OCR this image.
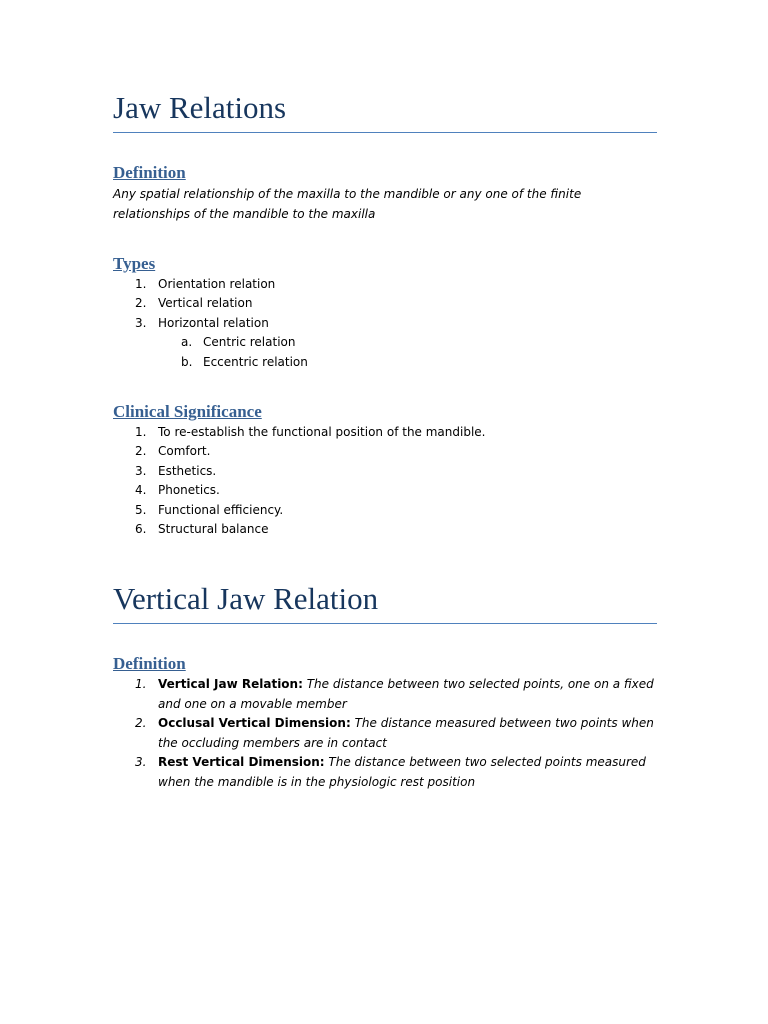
Jaw Relations
Definition

Any spatial relationship of the maxilla to the mandible or any one of the finite relationships of the mandible to the maxilla

Types
1. Orientation relation
2. Vertical relation
3. Horizontal relation
a. Centric relation
b. Eccentric relation
Clinical Significance
1. To re-establish the functional position of the mandible.
2. Comfort.
3. Esthetics.
4. Phonetics.
5. Functional efficiency.
6. Structural balance
Vertical Jaw Relation
Definition
1. Vertical Jaw Relation: The distance between two selected points, one on a fixed and one on a movable member
2. Occlusal Vertical Dimension: The distance measured between two points when the occluding members are in contact
3. Rest Vertical Dimension: The distance between two selected points measured when the mandible is in the physiologic rest position
